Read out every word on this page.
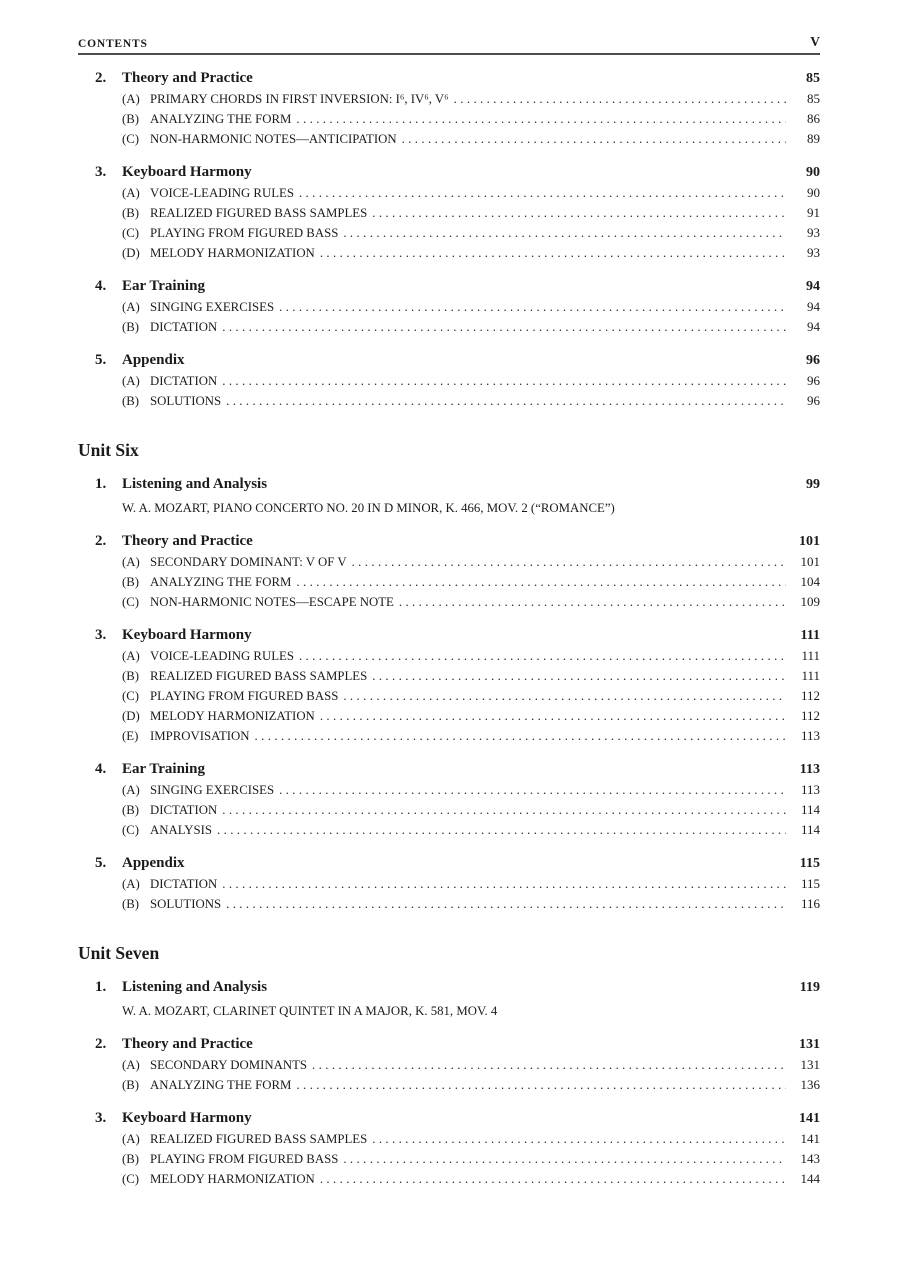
CONTENTS	V
2.	Theory and Practice	85
(A) PRIMARY CHORDS IN FIRST INVERSION: I⁶, IV⁶, V⁶ .....	85
(B) ANALYZING THE FORM .....	86
(C) NON-HARMONIC NOTES—ANTICIPATION .....	89
3.	Keyboard Harmony	90
(A) VOICE-LEADING RULES .....	90
(B) REALIZED FIGURED BASS SAMPLES .....	91
(C) PLAYING FROM FIGURED BASS .....	93
(D) MELODY HARMONIZATION .....	93
4.	Ear Training	94
(A) SINGING EXERCISES .....	94
(B) DICTATION .....	94
5.	Appendix	96
(A) DICTATION .....	96
(B) SOLUTIONS .....	96
Unit Six
1.	Listening and Analysis	99
W. A. MOZART, PIANO CONCERTO NO. 20 IN D MINOR, K. 466, MOV. 2 (“ROMANCE”)
2.	Theory and Practice	101
(A) SECONDARY DOMINANT: V OF V .....	101
(B) ANALYZING THE FORM .....	104
(C) NON-HARMONIC NOTES—ESCAPE NOTE .....	109
3.	Keyboard Harmony	111
(A) VOICE-LEADING RULES .....	111
(B) REALIZED FIGURED BASS SAMPLES .....	111
(C) PLAYING FROM FIGURED BASS .....	112
(D) MELODY HARMONIZATION .....	112
(E) IMPROVISATION .....	113
4.	Ear Training	113
(A) SINGING EXERCISES .....	113
(B) DICTATION .....	114
(C) ANALYSIS .....	114
5.	Appendix	115
(A) DICTATION .....	115
(B) SOLUTIONS .....	116
Unit Seven
1.	Listening and Analysis	119
W. A. MOZART, CLARINET QUINTET IN A MAJOR, K. 581, MOV. 4
2.	Theory and Practice	131
(A) SECONDARY DOMINANTS .....	131
(B) ANALYZING THE FORM .....	136
3.	Keyboard Harmony	141
(A) REALIZED FIGURED BASS SAMPLES .....	141
(B) PLAYING FROM FIGURED BASS .....	143
(C) MELODY HARMONIZATION .....	144
